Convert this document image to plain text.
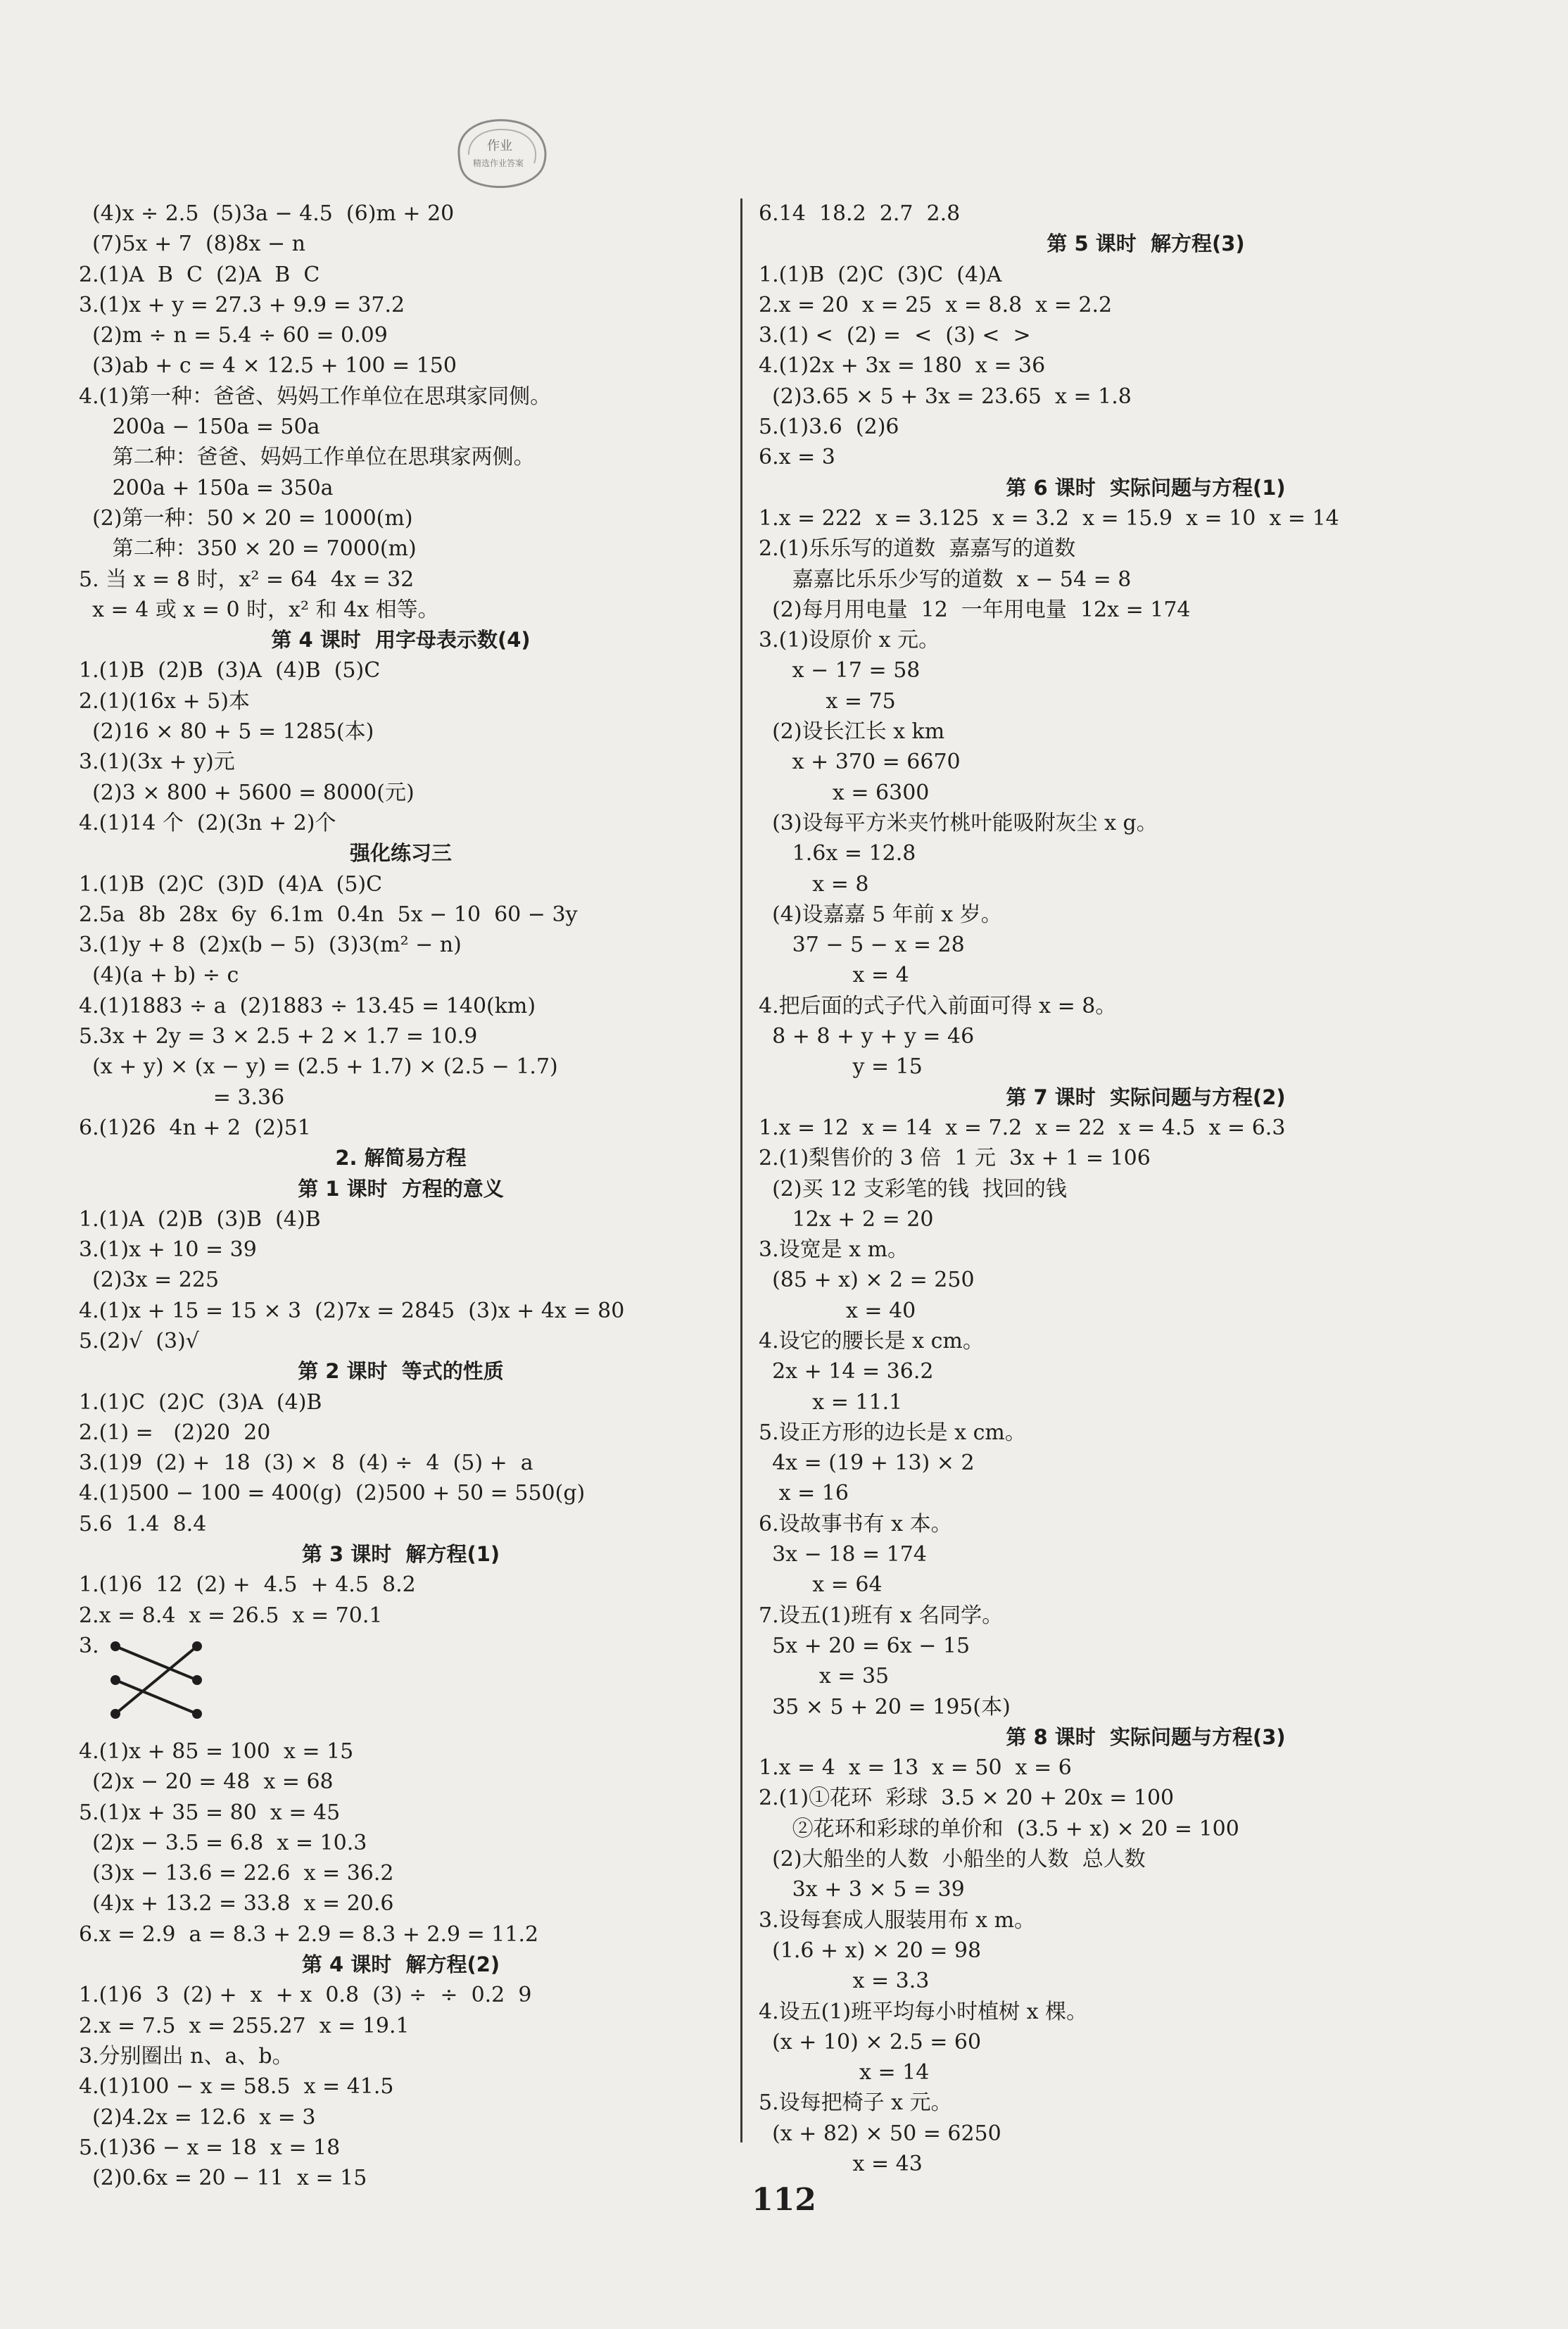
作业
精选作业答案
(4)x ÷ 2.5  (5)3a − 4.5  (6)m + 20
(7)5x + 7  (8)8x − n
2.(1)A  B  C  (2)A  B  C
3.(1)x + y = 27.3 + 9.9 = 37.2
(2)m ÷ n = 5.4 ÷ 60 = 0.09
(3)ab + c = 4 × 12.5 + 100 = 150
4.(1)第一种：爸爸、妈妈工作单位在思琪家同侧。
200a − 150a = 50a
第二种：爸爸、妈妈工作单位在思琪家两侧。
200a + 150a = 350a
(2)第一种：50 × 20 = 1000(m)
第二种：350 × 20 = 7000(m)
5. 当 x = 8 时，x² = 64  4x = 32
x = 4 或 x = 0 时，x² 和 4x 相等。
第 4 课时  用字母表示数(4)
1.(1)B  (2)B  (3)A  (4)B  (5)C
2.(1)(16x + 5)本
(2)16 × 80 + 5 = 1285(本)
3.(1)(3x + y)元
(2)3 × 800 + 5600 = 8000(元)
4.(1)14 个  (2)(3n + 2)个
强化练习三
1.(1)B  (2)C  (3)D  (4)A  (5)C
2.5a  8b  28x  6y  6.1m  0.4n  5x − 10  60 − 3y
3.(1)y + 8  (2)x(b − 5)  (3)3(m² − n)
(4)(a + b) ÷ c
4.(1)1883 ÷ a  (2)1883 ÷ 13.45 = 140(km)
5.3x + 2y = 3 × 2.5 + 2 × 1.7 = 10.9
(x + y) × (x − y) = (2.5 + 1.7) × (2.5 − 1.7)
= 3.36
6.(1)26  4n + 2  (2)51
2. 解简易方程
第 1 课时  方程的意义
1.(1)A  (2)B  (3)B  (4)B
3.(1)x + 10 = 39
(2)3x = 225
4.(1)x + 15 = 15 × 3  (2)7x = 2845  (3)x + 4x = 80
5.(2)√  (3)√
第 2 课时  等式的性质
1.(1)C  (2)C  (3)A  (4)B
2.(1) =   (2)20  20
3.(1)9  (2) +  18  (3) ×  8  (4) ÷  4  (5) +  a
4.(1)500 − 100 = 400(g)  (2)500 + 50 = 550(g)
5.6  1.4  8.4
第 3 课时  解方程(1)
1.(1)6  12  (2) +  4.5  + 4.5  8.2
2.x = 8.4  x = 26.5  x = 70.1
3.
4.(1)x + 85 = 100  x = 15
(2)x − 20 = 48  x = 68
5.(1)x + 35 = 80  x = 45
(2)x − 3.5 = 6.8  x = 10.3
(3)x − 13.6 = 22.6  x = 36.2
(4)x + 13.2 = 33.8  x = 20.6
6.x = 2.9  a = 8.3 + 2.9 = 8.3 + 2.9 = 11.2
第 4 课时  解方程(2)
1.(1)6  3  (2) +  x  + x  0.8  (3) ÷  ÷  0.2  9
2.x = 7.5  x = 255.27  x = 19.1
3.分别圈出 n、a、b。
4.(1)100 − x = 58.5  x = 41.5
(2)4.2x = 12.6  x = 3
5.(1)36 − x = 18  x = 18
(2)0.6x = 20 − 11  x = 15
6.14  18.2  2.7  2.8
第 5 课时  解方程(3)
1.(1)B  (2)C  (3)C  (4)A
2.x = 20  x = 25  x = 8.8  x = 2.2
3.(1) <  (2) =  <  (3) <  >
4.(1)2x + 3x = 180  x = 36
(2)3.65 × 5 + 3x = 23.65  x = 1.8
5.(1)3.6  (2)6
6.x = 3
第 6 课时  实际问题与方程(1)
1.x = 222  x = 3.125  x = 3.2  x = 15.9  x = 10  x = 14
2.(1)乐乐写的道数  嘉嘉写的道数
嘉嘉比乐乐少写的道数  x − 54 = 8
(2)每月用电量  12  一年用电量  12x = 174
3.(1)设原价 x 元。
x − 17 = 58
x = 75
(2)设长江长 x km
x + 370 = 6670
x = 6300
(3)设每平方米夹竹桃叶能吸附灰尘 x g。
1.6x = 12.8
x = 8
(4)设嘉嘉 5 年前 x 岁。
37 − 5 − x = 28
x = 4
4.把后面的式子代入前面可得 x = 8。
8 + 8 + y + y = 46
y = 15
第 7 课时  实际问题与方程(2)
1.x = 12  x = 14  x = 7.2  x = 22  x = 4.5  x = 6.3
2.(1)梨售价的 3 倍  1 元  3x + 1 = 106
(2)买 12 支彩笔的钱  找回的钱
12x + 2 = 20
3.设宽是 x m。
(85 + x) × 2 = 250
x = 40
4.设它的腰长是 x cm。
2x + 14 = 36.2
x = 11.1
5.设正方形的边长是 x cm。
4x = (19 + 13) × 2
x = 16
6.设故事书有 x 本。
3x − 18 = 174
x = 64
7.设五(1)班有 x 名同学。
5x + 20 = 6x − 15
x = 35
35 × 5 + 20 = 195(本)
第 8 课时  实际问题与方程(3)
1.x = 4  x = 13  x = 50  x = 6
2.(1)①花环  彩球  3.5 × 20 + 20x = 100
②花环和彩球的单价和  (3.5 + x) × 20 = 100
(2)大船坐的人数  小船坐的人数  总人数
3x + 3 × 5 = 39
3.设每套成人服装用布 x m。
(1.6 + x) × 20 = 98
x = 3.3
4.设五(1)班平均每小时植树 x 棵。
(x + 10) × 2.5 = 60
x = 14
5.设每把椅子 x 元。
(x + 82) × 50 = 6250
x = 43
112
